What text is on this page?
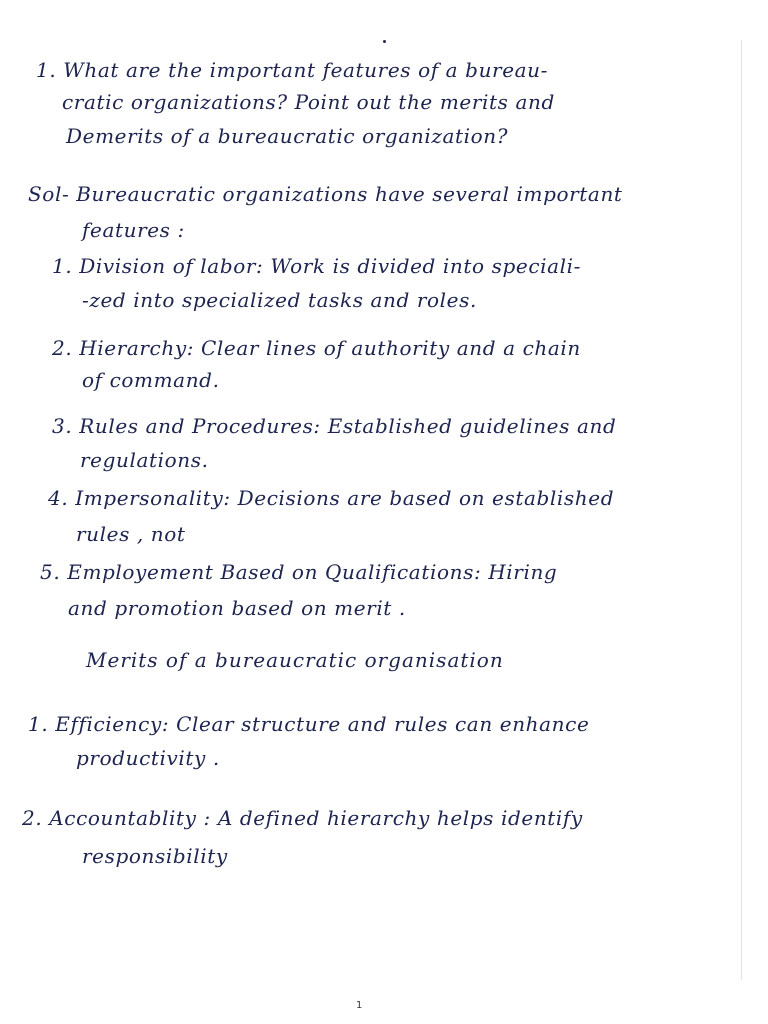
1. What are the important features of a bureau-
cratic organizations? Point out the merits and
Demerits of a bureaucratic organization?
Sol- Bureaucratic organizations have several important
features :
1. Division of labor: Work is divided into speciali-
-zed into specialized tasks and roles.
2. Hierarchy: Clear lines of authority and a chain
of command.
3. Rules and Procedures: Established guidelines and
regulations.
4. Impersonality: Decisions are based on established
rules , not
5. Employement Based on Qualifications: Hiring
and promotion based on merit .
Merits of a bureaucratic organisation
1. Efficiency: Clear structure and rules can enhance
productivity .
2. Accountablity : A defined hierarchy helps identify
responsibility
1
